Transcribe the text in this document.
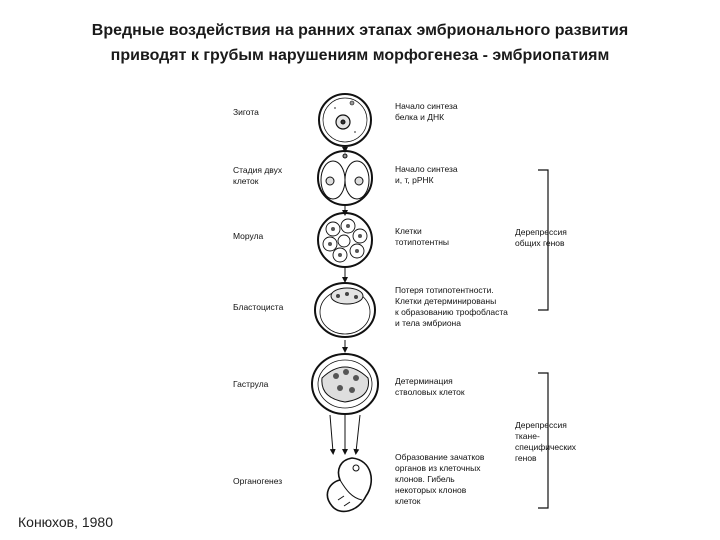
Вредные воздействия на ранних этапах эмбрионального развития
приводят к грубым нарушениям морфогенеза - эмбриопатиям
Зигота
Стадия двух
клеток
Морула
Бластоциста
Гаструла
Органогенез
Начало синтеза
белка и ДНК
Начало синтеза
и, т, рРНК
Клетки
тотипотентны
Потеря тотипотентности.
Клетки детерминированы
к образованию трофобласта
и тела эмбриона
Детерминация
стволовых клеток
Образование зачатков
органов из клеточных
клонов. Гибель
некоторых клонов
клеток
Дерепрессия
общих генов
Дерепрессия
ткане-
специфических
генов
Конюхов, 1980
